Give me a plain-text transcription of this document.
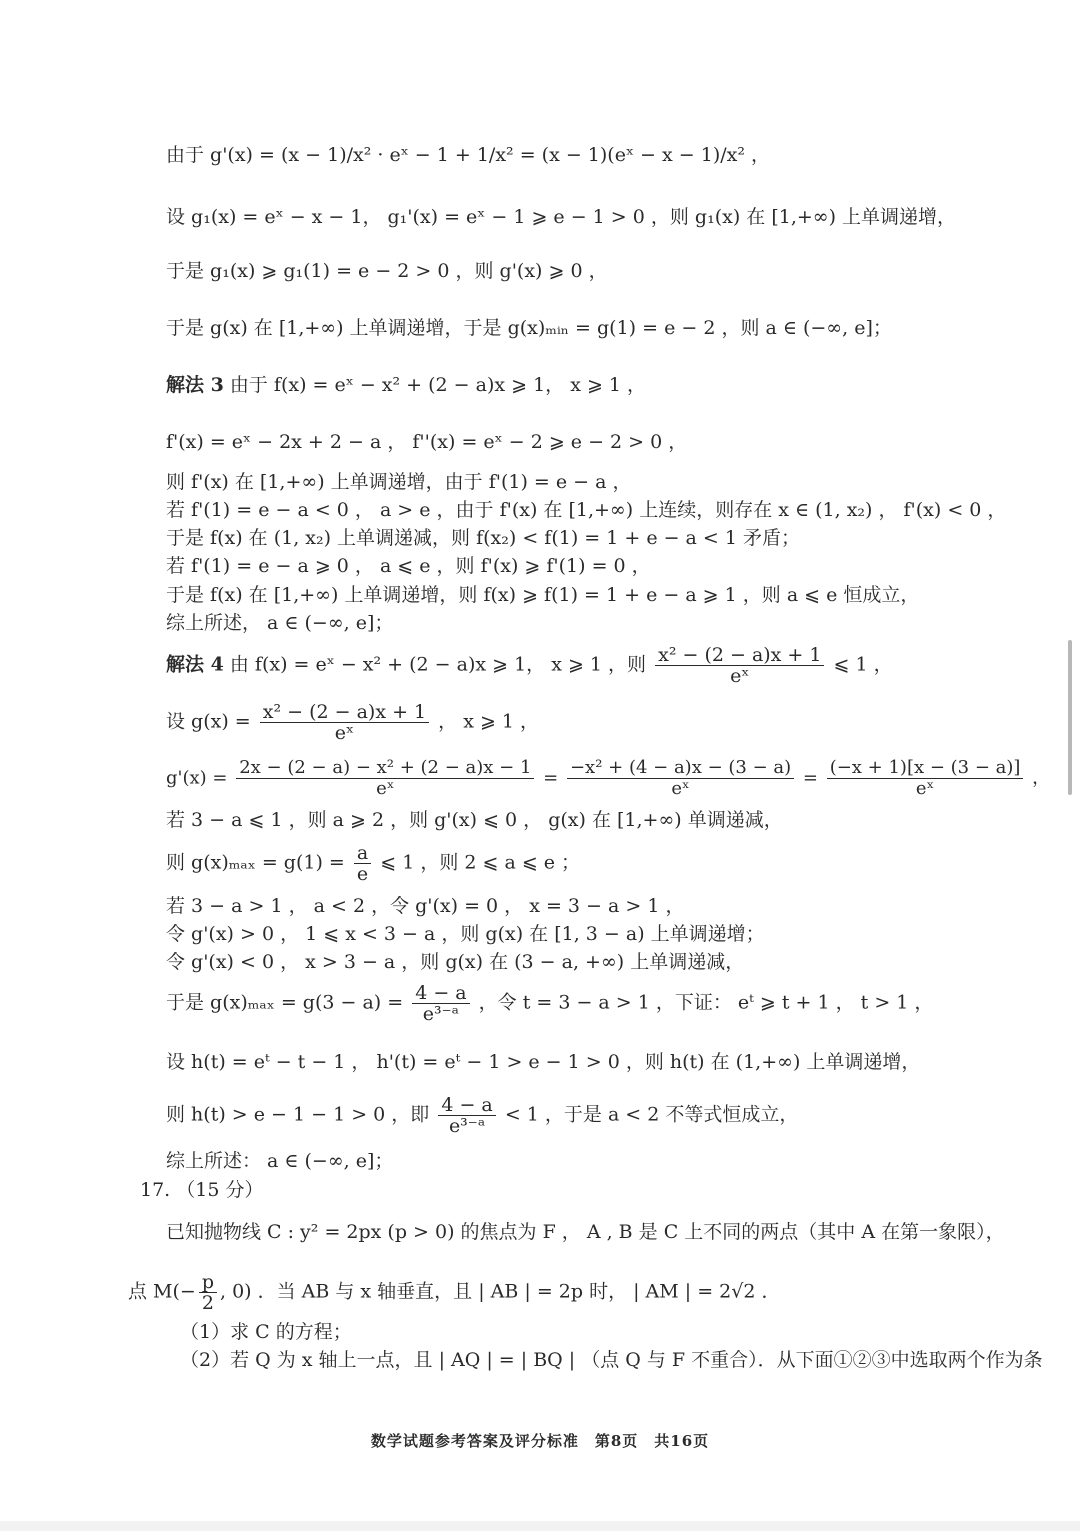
由于 g'(x) = (x − 1)/x² · eˣ − 1 + 1/x² = (x − 1)(eˣ − x − 1)/x² ，
设 g₁(x) = eˣ − x − 1， g₁'(x) = eˣ − 1 ⩾ e − 1 > 0 ，则 g₁(x) 在 [1,+∞) 上单调递增，
于是 g₁(x) ⩾ g₁(1) = e − 2 > 0 ，则 g'(x) ⩾ 0 ，
于是 g(x) 在 [1,+∞) 上单调递增，于是 g(x)ₘᵢₙ = g(1) = e − 2 ，则 a ∈ (−∞, e]；
解法 3 由于 f(x) = eˣ − x² + (2 − a)x ⩾ 1， x ⩾ 1 ，
f'(x) = eˣ − 2x + 2 − a ， f''(x) = eˣ − 2 ⩾ e − 2 > 0 ，
则 f'(x) 在 [1,+∞) 上单调递增，由于 f'(1) = e − a ，
若 f'(1) = e − a < 0 ， a > e ，由于 f'(x) 在 [1,+∞) 上连续，则存在 x ∈ (1, x₂) ， f'(x) < 0 ，
于是 f(x) 在 (1, x₂) 上单调递减，则 f(x₂) < f(1) = 1 + e − a < 1 矛盾；
若 f'(1) = e − a ⩾ 0 ， a ⩽ e ，则 f'(x) ⩾ f'(1) = 0 ，
于是 f(x) 在 [1,+∞) 上单调递增，则 f(x) ⩾ f(1) = 1 + e − a ⩾ 1 ，则 a ⩽ e 恒成立，
综上所述， a ∈ (−∞, e]；
解法 4 由 f(x) = eˣ − x² + (2 − a)x ⩾ 1， x ⩾ 1 ，则 $\frac{\text{x² − (2 − a)x + 1}}{\text{eˣ}}$ ⩽ 1 ，
设 $g(x) = \frac{\text{x² − (2 − a)x + 1}}{\text{eˣ}}$ ， x ⩾ 1 ，
$g'(x) = \frac{\text{2x − (2 − a) − x² + (2 − a)x − 1}}{\text{eˣ}} = \frac{\text{−x² + (4 − a)x − (3 − a)}}{\text{eˣ}} = \frac{(-x + 1)[x - (3 - a)]}{\text{eˣ}}$ ，
若 3 − a ⩽ 1 ，则 a ⩾ 2 ，则 g'(x) ⩽ 0 ， g(x) 在 [1,+∞) 单调递减，
则 $g(x)_{max} = g(1) = \frac{a}{e}$ ⩽ 1 ，则 2 ⩽ a ⩽ e ；
若 3 − a > 1 ， a < 2 ，令 g'(x) = 0 ， x = 3 − a > 1 ，
令 g'(x) > 0 ， 1 ⩽ x < 3 − a ，则 g(x) 在 [1, 3 − a) 上单调递增；
令 g'(x) < 0 ， x > 3 − a ，则 g(x) 在 (3 − a, +∞) 上单调递减，
于是 $g(x)_{max} = g(3 - a) = \frac{4 - a}{\text{e³⁻ᵃ}}$ ，令 t = 3 − a > 1 ，下证： eᵗ ⩾ t + 1 ， t > 1 ，
设 h(t) = eᵗ − t − 1 ， h'(t) = eᵗ − 1 > e − 1 > 0 ，则 h(t) 在 (1,+∞) 上单调递增，
则 h(t) > e − 1 − 1 > 0 ，即 $\frac{4 - a}{\text{e³⁻ᵃ}} < 1$ ，于是 a < 2 不等式恒成立，
综上所述： a ∈ (−∞, e]；
17. （15 分）
已知抛物线 C : y² = 2px (p > 0) 的焦点为 F ， A , B 是 C 上不同的两点（其中 A 在第一象限），
点 $M(- \frac{p}{2}$ , 0) ．当 AB 与 x 轴垂直，且 | AB | = 2p 时， | AM | = 2√2 ．
（1）求 C 的方程；
（2）若 Q 为 x 轴上一点，且 | AQ | = | BQ | （点 Q 与 F 不重合）．从下面①②③中选取两个作为条
数学试题参考答案及评分标准　第8页　共16页
